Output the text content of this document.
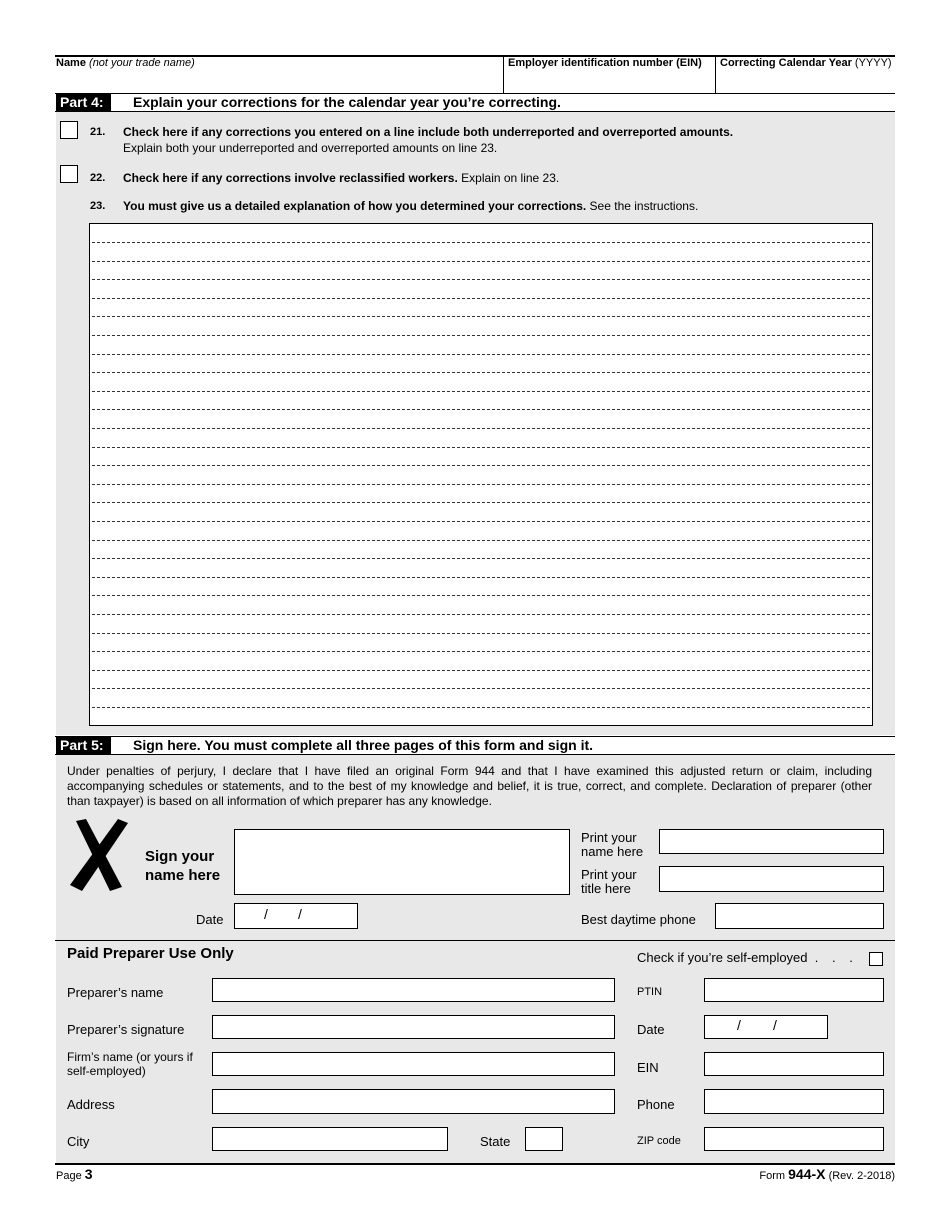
Name (not your trade name)	Employer identification number (EIN) Correcting Calendar Year (YYYY)
Part 4:	Explain your corrections for the calendar year you’re correcting.
21. Check here if any corrections you entered on a line include both underreported and overreported amounts.
Explain both your underreported and overreported amounts on line 23.
22. Check here if any corrections involve reclassified workers. Explain on line 23.
23. You must give us a detailed explanation of how you determined your corrections. See the instructions.
Part 5:	Sign here. You must complete all three pages of this form and sign it.
Under penalties of perjury, I declare that I have filed an original Form 944 and that I have examined this adjusted return or claim, including accompanying schedules or statements, and to the best of my knowledge and belief, it is true, correct, and complete. Declaration of preparer (other than taxpayer) is based on all information of which preparer has any knowledge.
Sign your
name here
Date	/ /
Print your
name here
Print your
title here
Best daytime phone
Paid Preparer Use Only	Check if you’re self-employed . . .
Preparer’s name	PTIN
Preparer’s signature	Date	/ /
Firm’s name (or yours if
self-employed)	EIN
Address	Phone
City	State	ZIP code
Page 3	Form 944-X (Rev. 2-2018)
